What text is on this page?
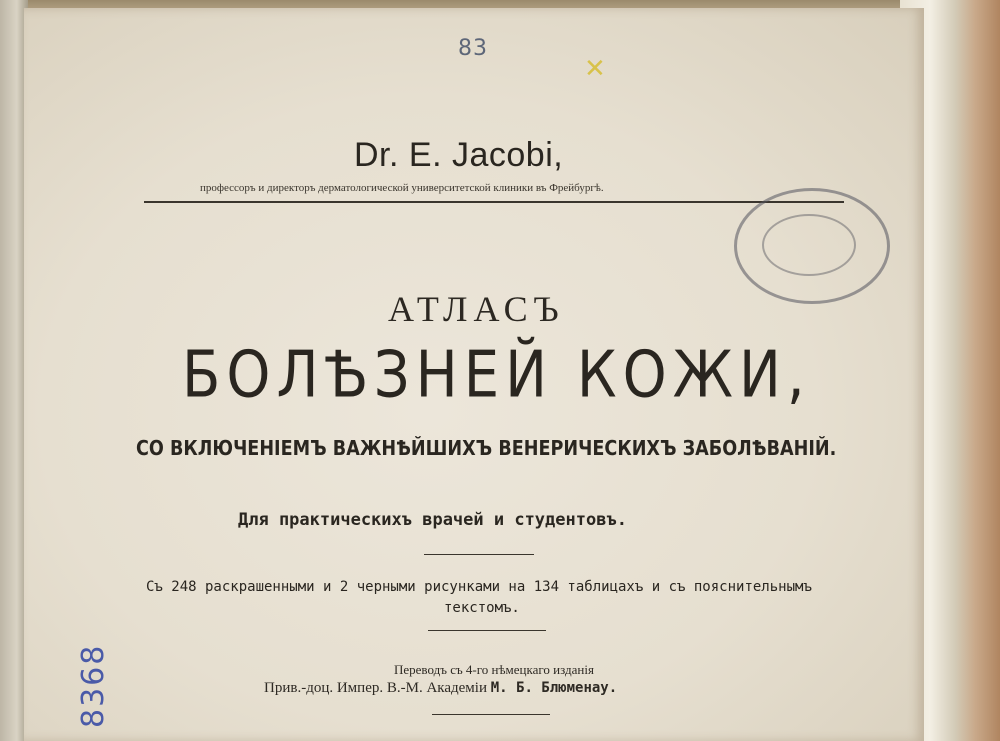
83
✕
8368
Dr. E. Jacobi,
профессоръ и директоръ дерматологической университетской клиники въ Фрейбургѣ.
АТЛАСЪ
БОЛѢЗНЕЙ КОЖИ,
СО ВКЛЮЧЕНІЕМЪ ВАЖНѢЙШИХЪ ВЕНЕРИЧЕСКИХЪ ЗАБОЛѢВАНІЙ.
Для практическихъ врачей и студентовъ.
Съ 248 раскрашенными и 2 черными рисунками на 134 таблицахъ и съ пояснительнымъ
текстомъ.
Переводъ съ 4-го нѣмецкаго изданія
Прив.-доц. Импер. В.-М. Академіи М. Б. Блюменау.
